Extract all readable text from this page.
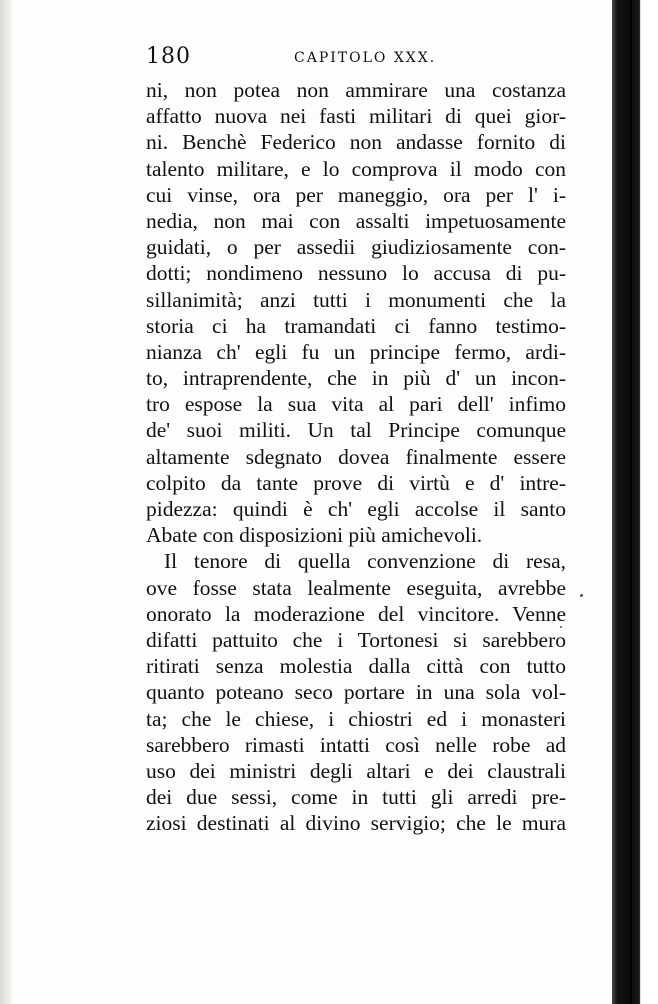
180	CAPITOLO XXX.
ni, non potea non ammirare una costanza
affatto nuova nei fasti militari di quei gior-
ni. Benchè Federico non andasse fornito di
talento militare, e lo comprova il modo con
cui vinse, ora per maneggio, ora per l' i-
nedia, non mai con assalti impetuosamente
guidati, o per assedii giudiziosamente con-
dotti; nondimeno nessuno lo accusa di pu-
sillanimità; anzi tutti i monumenti che la
storia ci ha tramandati ci fanno testimo-
nianza ch' egli fu un principe fermo, ardi-
to, intraprendente, che in più d' un incon-
tro espose la sua vita al pari dell' infimo
de' suoi militi. Un tal Principe comunque
altamente sdegnato dovea finalmente essere
colpito da tante prove di virtù e d' intre-
pidezza: quindi è ch' egli accolse il santo
Abate con disposizioni più amichevoli.
Il tenore di quella convenzione di resa,
ove fosse stata lealmente eseguita, avrebbe
onorato la moderazione del vincitore. Venne
difatti pattuito che i Tortonesi si sarebbero
ritirati senza molestia dalla città con tutto
quanto poteano seco portare in una sola vol-
ta; che le chiese, i chiostri ed i monasteri
sarebbero rimasti intatti così nelle robe ad
uso dei ministri degli altari e dei claustrali
dei due sessi, come in tutti gli arredi pre-
ziosi destinati al divino servigio; che le mura
